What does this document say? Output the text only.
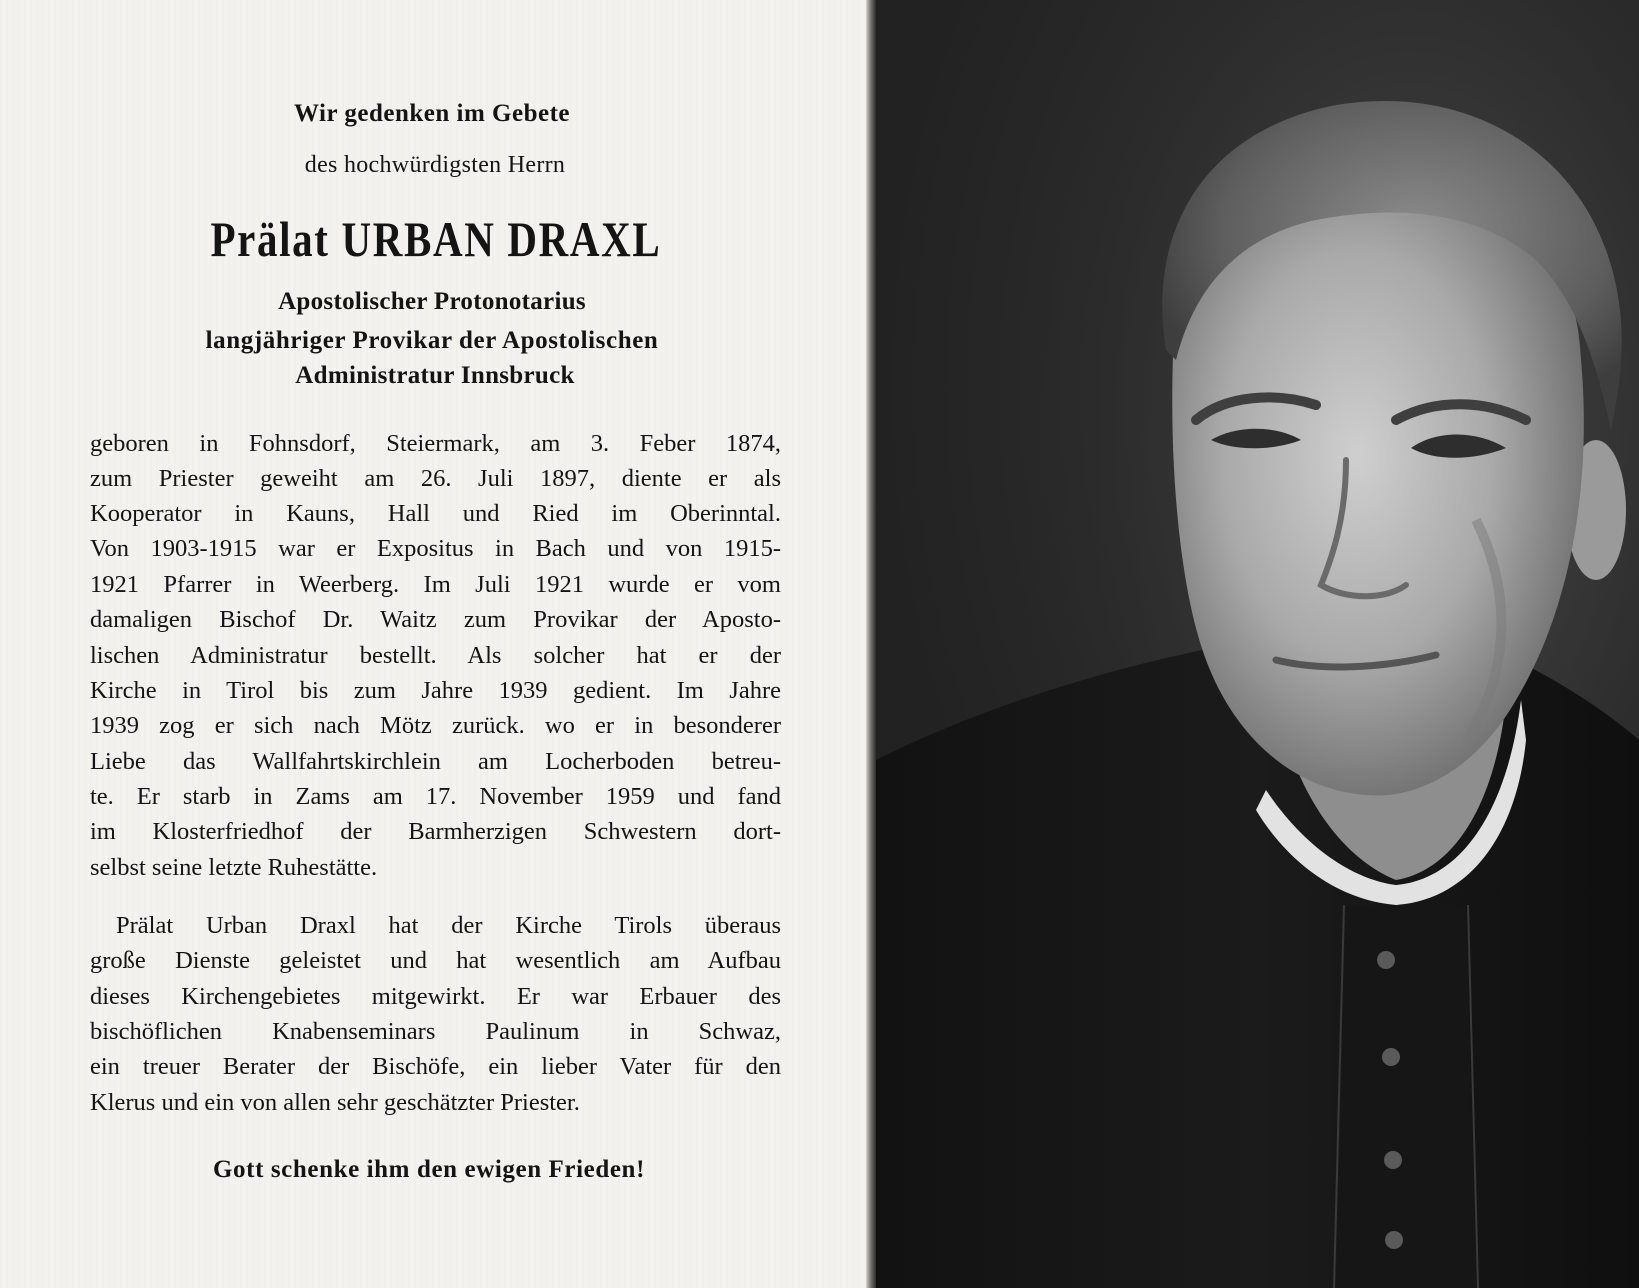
Wir gedenken im Gebete
des hochwürdigsten Herrn
Prälat URBAN DRAXL
Apostolischer Protonotarius
langjähriger Provikar der Apostolischen
Administratur Innsbruck
geboren in Fohnsdorf, Steiermark, am 3. Feber 1874,
zum Priester geweiht am 26. Juli 1897, diente er als
Kooperator in Kauns, Hall und Ried im Oberinntal.
Von 1903-1915 war er Expositus in Bach und von 1915-
1921 Pfarrer in Weerberg. Im Juli 1921 wurde er vom
damaligen Bischof Dr. Waitz zum Provikar der Aposto-
lischen Administratur bestellt. Als solcher hat er der
Kirche in Tirol bis zum Jahre 1939 gedient. Im Jahre
1939 zog er sich nach Mötz zurück. wo er in besonderer
Liebe das Wallfahrtskirchlein am Locherboden betreu-
te. Er starb in Zams am 17. November 1959 und fand
im Klosterfriedhof der Barmherzigen Schwestern dort-
selbst seine letzte Ruhestätte.
Prälat Urban Draxl hat der Kirche Tirols überaus
große Dienste geleistet und hat wesentlich am Aufbau
dieses Kirchengebietes mitgewirkt. Er war Erbauer des
bischöflichen Knabenseminars Paulinum in Schwaz,
ein treuer Berater der Bischöfe, ein lieber Vater für den
Klerus und ein von allen sehr geschätzter Priester.
Gott schenke ihm den ewigen Frieden!
